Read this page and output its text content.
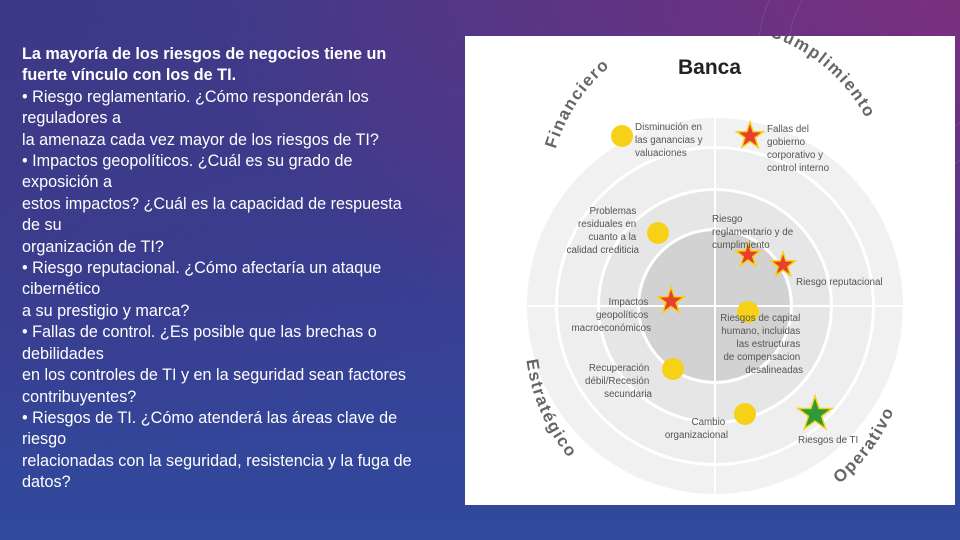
La mayoría de los riesgos de negocios tiene un
fuerte vínculo con los de TI.
• Riesgo reglamentario. ¿Cómo responderán los
reguladores a
la amenaza cada vez mayor de los riesgos de TI?
• Impactos geopolíticos. ¿Cuál es su grado de
exposición a
estos impactos? ¿Cuál es la capacidad de respuesta
de su
organización de TI?
• Riesgo reputacional. ¿Cómo afectaría un ataque
cibernético
a su prestigio y marca?
• Fallas de control. ¿Es posible que las brechas o
debilidades
en los controles de TI y en la seguridad sean factores
contribuyentes?
• Riesgos de TI. ¿Cómo atenderá las áreas clave de
riesgo
relacionadas con la seguridad, resistencia y la fuga de
datos?
Banca
Financiero
umplimiento
Estratégico
Operativo
Disminución en las ganancias y valuaciones
Fallas del gobierno corporativo y control interno
Problemas residuales en cuanto a la calidad crediticia
Riesgo reglamentario y de cumplimiento
Riesgo reputacional
Impactos geopolíticos macroeconómicos
Riesgos de capital humano, incluidas las estructuras de compensacion desalineadas
Recuperación débil/Recesión secundaria
Cambio organizacional	Riesgos de TI
